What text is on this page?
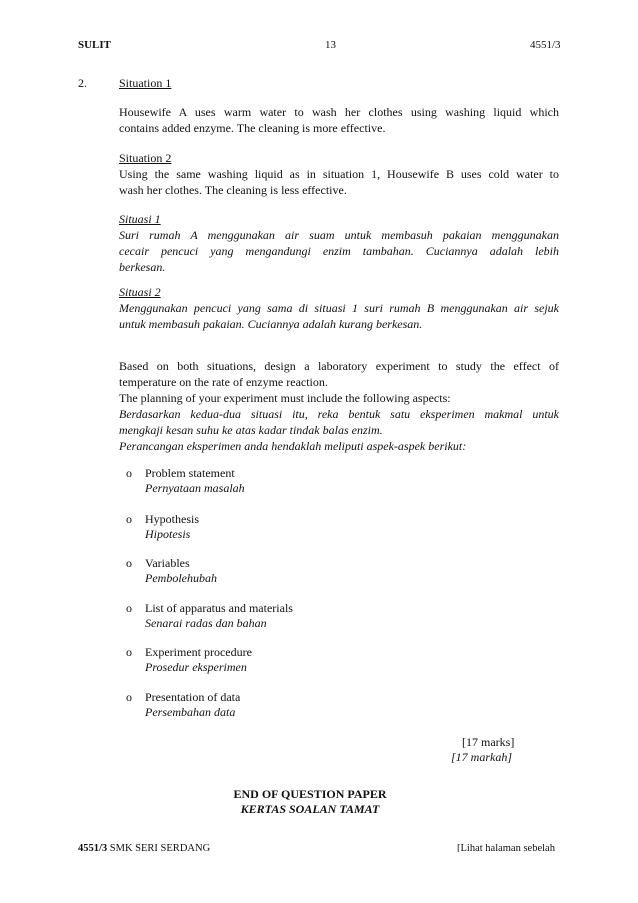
SULIT	13	4551/3
2.	Situation 1
Housewife A uses warm water to wash her clothes using washing liquid which
contains added enzyme. The cleaning is more effective.
Situation 2
Using the same washing liquid as in situation 1, Housewife B uses cold water to
wash her clothes. The cleaning is less effective.
Situasi 1
Suri rumah A menggunakan air suam untuk membasuh pakaian menggunakan
cecair pencuci yang mengandungi enzim tambahan. Cuciannya adalah lebih
berkesan.
Situasi 2
Menggunakan pencuci yang sama di situasi 1 suri rumah B menggunakan air sejuk
untuk membasuh pakaian. Cuciannya adalah kurang berkesan.
Based on both situations, design a laboratory experiment to study the effect of
temperature on the rate of enzyme reaction.
The planning of your experiment must include the following aspects:
Berdasarkan kedua-dua situasi itu, reka bentuk satu eksperimen makmal untuk
mengkaji kesan suhu ke atas kadar tindak balas enzim.
Perancangan eksperimen anda hendaklah meliputi aspek-aspek berikut:
o Problem statement
Pernyataan masalah
o Hypothesis
Hipotesis
o Variables
Pembolehubah
o List of apparatus and materials
Senarai radas dan bahan
o Experiment procedure
Prosedur eksperimen
o Presentation of data
Persembahan data
[17 marks]
[17 markah]
END OF QUESTION PAPER
KERTAS SOALAN TAMAT
4551/3 SMK SERI SERDANG	[Lihat halaman sebelah
